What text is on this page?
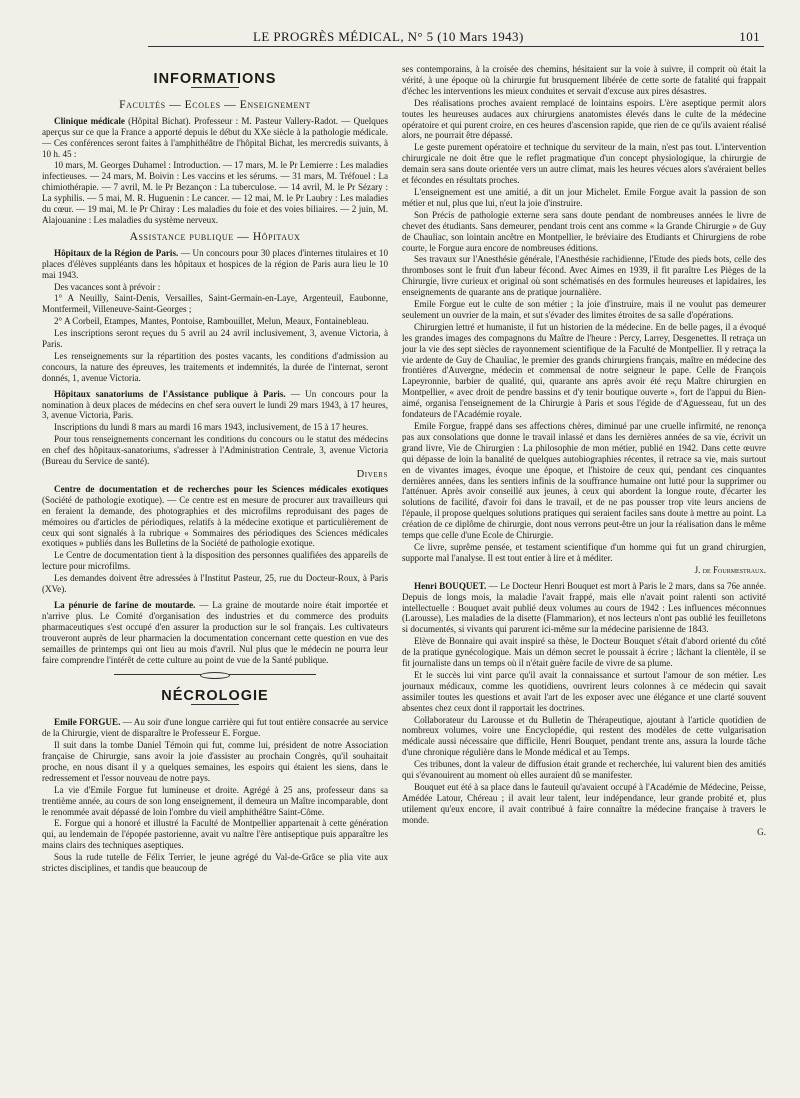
LE PROGRÈS MÉDICAL, N° 5 (10 Mars 1943)	101
INFORMATIONS
Facultés — Ecoles — Enseignement

Clinique médicale (Hôpital Bichat). Professeur : M. Pasteur Vallery-Radot. — Quelques aperçus sur ce que la France a apporté depuis le début du XXe siècle à la pathologie médicale. — Ces conférences seront faites à l'amphithéâtre de l'hôpital Bichat, les mercredis suivants, à 10 h. 45 :

10 mars, M. Georges Duhamel : Introduction. — 17 mars, M. le Pr Lemierre : Les maladies infectieuses. — 24 mars, M. Boivin : Les vaccins et les sérums. — 31 mars, M. Tréfouel : La chimiothérapie. — 7 avril, M. le Pr Bezançon : La tuberculose. — 14 avril, M. le Pr Sézary : La syphilis. — 5 mai, M. R. Huguenin : Le cancer. — 12 mai, M. le Pr Laubry : Les maladies du cœur. — 19 mai, M. le Pr Chiray : Les maladies du foie et des voies biliaires. — 2 juin, M. Alajouanine : Les maladies du système nerveux.

Assistance publique — Hôpitaux

Hôpitaux de la Région de Paris. — Un concours pour 30 places d'internes titulaires et 10 places d'élèves suppléants dans les hôpitaux et hospices de la région de Paris aura lieu le 10 mai 1943.

Des vacances sont à prévoir :

1° A Neuilly, Saint-Denis, Versailles, Saint-Germain-en-Laye, Argenteuil, Eaubonne, Montfermeil, Villeneuve-Saint-Georges ;

2° A Corbeil, Etampes, Mantes, Pontoise, Rambouillet, Melun, Meaux, Fontainebleau.

Les inscriptions seront reçues du 5 avril au 24 avril inclusivement, 3, avenue Victoria, à Paris.

Les renseignements sur la répartition des postes vacants, les conditions d'admission au concours, la nature des épreuves, les traitements et indemnités, la durée de l'internat, seront donnés, 1, avenue Victoria.

Hôpitaux sanatoriums de l'Assistance publique à Paris. — Un concours pour la nomination à deux places de médecins en chef sera ouvert le lundi 29 mars 1943, à 17 heures, 3, avenue Victoria, Paris.

Inscriptions du lundi 8 mars au mardi 16 mars 1943, inclusivement, de 15 à 17 heures.

Pour tous renseignements concernant les conditions du concours ou le statut des médecins en chef des hôpitaux-sanatoriums, s'adresser à l'Administration Centrale, 3, avenue Victoria (Bureau du Service de santé).

Divers

Centre de documentation et de recherches pour les Sciences médicales exotiques (Société de pathologie exotique). — Ce centre est en mesure de procurer aux travailleurs qui en feraient la demande, des photographies et des microfilms reproduisant des pages de mémoires ou d'articles de périodiques, relatifs à la médecine exotique et particulièrement de ceux qui sont signalés à la rubrique « Sommaires des périodiques des Sciences médicales exotiques » publiés dans les Bulletins de la Société de pathologie exotique.

Le Centre de documentation tient à la disposition des personnes qualifiées des appareils de lecture pour microfilms.

Les demandes doivent être adressées à l'Institut Pasteur, 25, rue du Docteur-Roux, à Paris (XVe).

La pénurie de farine de moutarde. — La graine de moutarde noire était importée et n'arrive plus. Le Comité d'organisation des industries et du commerce des produits pharmaceutiques s'est occupé d'en assurer la production sur le sol français. Les cultivateurs trouveront auprès de leur pharmacien la documentation concernant cette question en vue des semailles de printemps qui ont lieu au mois d'avril. Nul plus que le médecin ne pourra leur faire comprendre l'intérêt de cette culture au point de vue de la Santé publique.

NÉCROLOGIE

Emile FORGUE. — Au soir d'une longue carrière qui fut tout entière consacrée au service de la Chirurgie, vient de disparaître le Professeur E. Forgue.

Il suit dans la tombe Daniel Témoin qui fut, comme lui, président de notre Association française de Chirurgie, sans avoir la joie d'assister au prochain Congrès, qu'il souhaitait proche, en nous disant il y a quelques semaines, les espoirs qui étaient les siens, dans le redressement et l'essor nouveau de notre pays.

La vie d'Emile Forgue fut lumineuse et droite. Agrégé à 25 ans, professeur dans sa trentième année, au cours de son long enseignement, il demeura un Maître incomparable, dont le renommée avait dépassé de loin l'ombre du vieil amphithéâtre Saint-Côme.

E. Forgue qui a honoré et illustré la Faculté de Montpellier appartenait à cette génération qui, au lendemain de l'épopée pastorienne, avait vu naître l'ère antiseptique puis apparaître les mains clairs des techniques aseptiques.

Sous la rude tutelle de Félix Terrier, le jeune agrégé du Val-de-Grâce se plia vite aux strictes disciplines, et tandis que beaucoup de

ses contemporains, à la croisée des chemins, hésitaient sur la voie à suivre, il comprit où était la vérité, à une époque où la chirurgie fut brusquement libérée de cette sorte de fatalité qui frappait d'échec les interventions les mieux conduites et servait d'excuse aux pires désastres.

Des réalisations proches avaient remplacé de lointains espoirs. L'ère aseptique permit alors toutes les heureuses audaces aux chirurgiens anatomistes élevés dans le culte de la médecine opératoire et qui purent croire, en ces heures d'ascension rapide, que rien de ce qu'ils avaient réalisé alors, ne pourrait être dépassé.

Le geste purement opératoire et technique du serviteur de la main, n'est pas tout. L'intervention chirurgicale ne doit être que le reflet pragmatique d'un concept physiologique, la chirurgie de demain sera sans doute orientée vers un autre climat, mais les heures vécues alors s'avéraient belles et fécondes en résultats proches.

L'enseignement est une amitié, a dit un jour Michelet. Emile Forgue avait la passion de son métier et nul, plus que lui, n'eut la joie d'instruire.

Son Précis de pathologie externe sera sans doute pendant de nombreuses années le livre de chevet des étudiants. Sans demeurer, pendant trois cent ans comme « la Grande Chirurgie » de Guy de Chauliac, son lointain ancêtre en Montpellier, le bréviaire des Etudiants et Chirurgiens de robe courte, le Forgue aura encore de nombreuses éditions.

Ses travaux sur l'Anesthésie générale, l'Anesthésie rachidienne, l'Etude des pieds bots, celle des thromboses sont le fruit d'un labeur fécond. Avec Aimes en 1939, il fit paraître Les Pièges de la Chirurgie, livre curieux et original où sont schématisés en des formules heureuses et lapidaires, les enseignements de quarante ans de pratique journalière.

Emile Forgue eut le culte de son métier ; la joie d'instruire, mais il ne voulut pas demeurer seulement un ouvrier de la main, et sut s'évader des limites étroites de sa salle d'opérations.

Chirurgien lettré et humaniste, il fut un historien de la médecine. En de belle pages, il a évoqué les grandes images des compagnons du Maître de l'heure : Percy, Larrey, Desgenettes. Il retraça un jour la vie des sept siècles de rayonnement scientifique de la Faculté de Montpellier. Il y retraça la vie ardente de Guy de Chauliac, le premier des grands chirurgiens français, maître en médecine des frontières d'Auvergne, médecin et commensal de notre seigneur le pape. Celle de François Lapeyronnie, barbier de qualité, qui, quarante ans après avoir été reçu Maître chirurgien en Montpellier, « avec droit de pendre bassins et d'y tenir boutique ouverte », fort de l'appui du Bien-aimé, organisa l'enseignement de la Chirurgie à Paris et sous l'égide de d'Aguesseau, fut un des fondateurs de l'Académie royale.

Emile Forgue, frappé dans ses affections chères, diminué par une cruelle infirmité, ne renonça pas aux consolations que donne le travail inlassé et dans les dernières années de sa vie, écrivit un grand livre, Vie de Chirurgien : La philosophie de mon métier, publié en 1942. Dans cette œuvre qui dépasse de loin la banalité de quelques autobiographies récentes, il retrace sa vie, mais surtout en de vivantes images, évoque une époque, et l'histoire de ceux qui, pendant ces cinquantes dernières années, dans les sentiers infinis de la souffrance humaine ont lutté pour la supprimer ou l'atténuer. Après avoir conseillé aux jeunes, à ceux qui abordent la longue route, d'écarter les solutions de facilité, d'avoir foi dans le travail, et de ne pas pousser trop vite leurs anciens de l'épaule, il propose quelques solutions pratiques qui seraient faciles sans doute à mettre au point. La création de ce diplôme de chirurgie, dont nous verrons peut-être un jour la réalisation dans le même temps que celle d'une Ecole de Chirurgie.

Ce livre, suprême pensée, et testament scientifique d'un homme qui fut un grand chirurgien, supporte mal l'analyse. Il est tout entier à lire et à méditer.

J. de Fourmestraux.

Henri BOUQUET. — Le Docteur Henri Bouquet est mort à Paris le 2 mars, dans sa 76e année. Depuis de longs mois, la maladie l'avait frappé, mais elle n'avait point ralenti son activité intellectuelle : Bouquet avait publié deux volumes au cours de 1942 : Les influences méconnues (Larousse), Les maladies de la disette (Flammarion), et nos lecteurs n'ont pas oublié les feuilletons si documentés, si vivants qui parurent ici-même sur la médecine parisienne de 1843.

Elève de Bonnaire qui avait inspiré sa thèse, le Docteur Bouquet s'était d'abord orienté du côté de la pratique gynécologique. Mais un démon secret le poussait à écrire ; lâchant la clientèle, il se fit journaliste dans un temps où il n'était guère facile de vivre de sa plume.

Et le succès lui vint parce qu'il avait la connaissance et surtout l'amour de son métier. Les journaux médicaux, comme les quotidiens, ouvrirent leurs colonnes à ce médecin qui savait assimiler toutes les questions et avait l'art de les exposer avec une élégance et une clarté souvent absentes chez ceux dont il rapportait les doctrines.

Collaborateur du Larousse et du Bulletin de Thérapeutique, ajoutant à l'article quotidien de nombreux volumes, voire une Encyclopédie, qui restent des modèles de cette vulgarisation médicale aussi nécessaire que difficile, Henri Bouquet, pendant trente ans, assura la lourde tâche d'une chronique régulière dans le Monde médical et au Temps.

Ces tribunes, dont la valeur de diffusion était grande et recherchée, lui valurent bien des amitiés qui s'évanouirent au moment où elles auraient dû se manifester.

Bouquet eut été à sa place dans le fauteuil qu'avaient occupé à l'Académie de Médecine, Peisse, Amédée Latour, Chéreau ; il avait leur talent, leur indépendance, leur grande probité et, plus utilement qu'eux encore, il avait contribué à faire connaître la médecine française à travers le monde.

G.
